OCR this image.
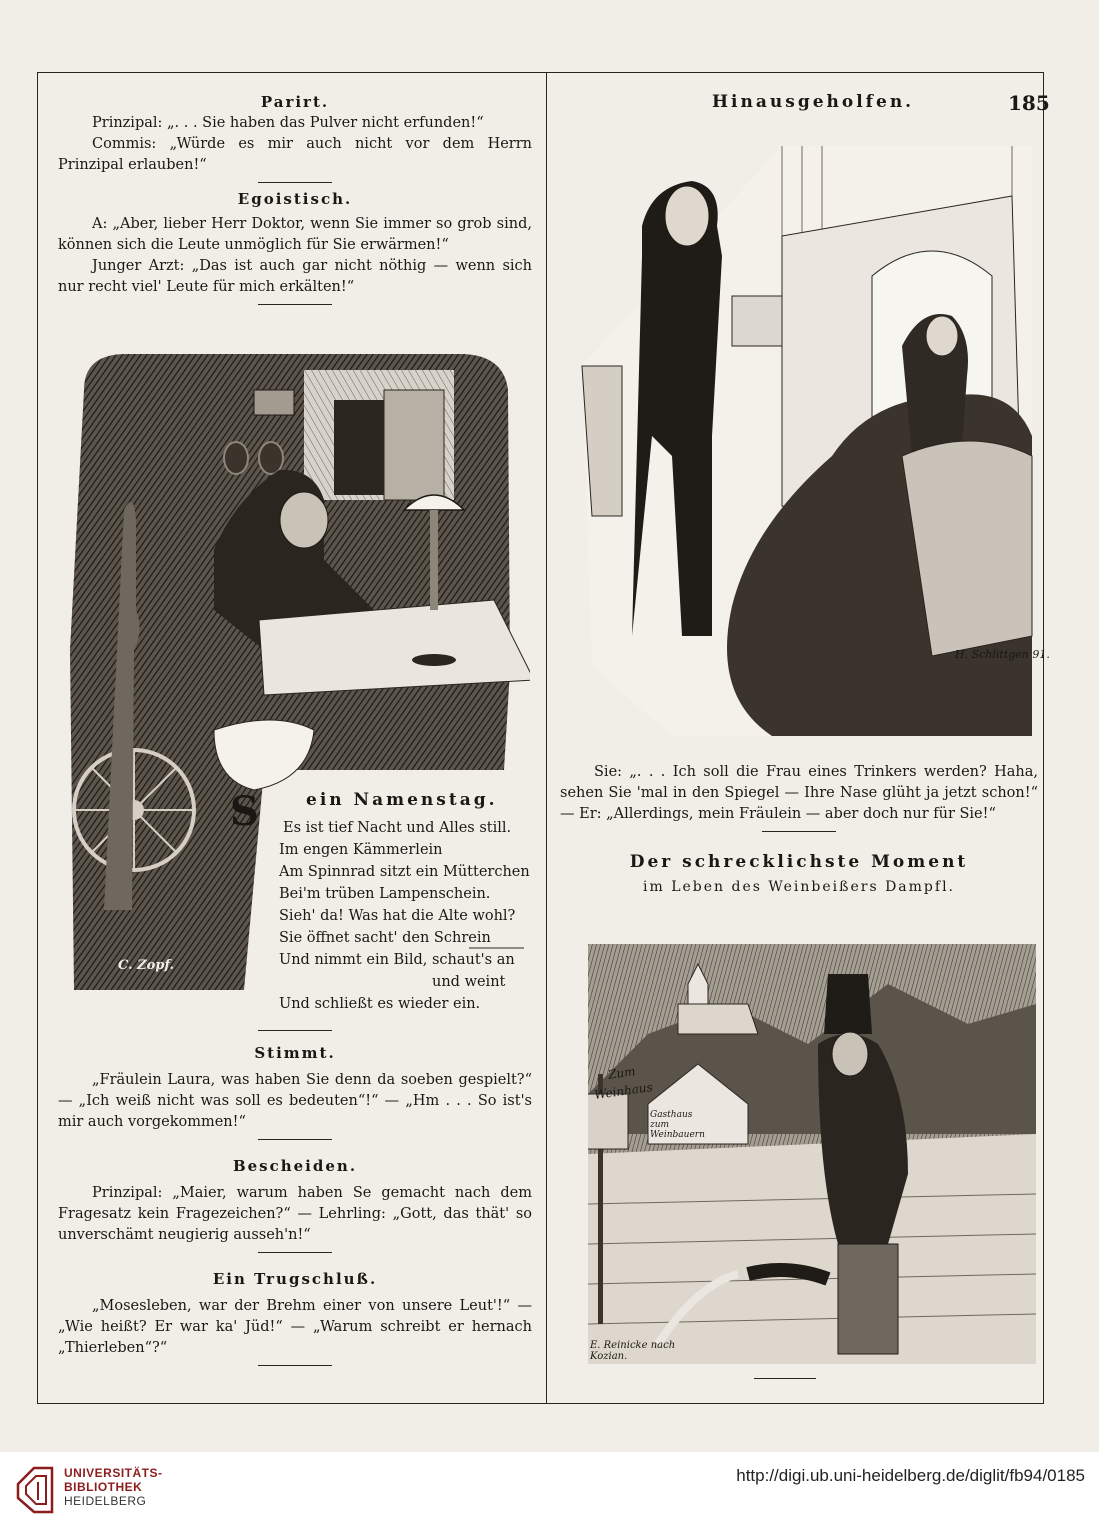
Hinausgeholfen.	185
Parirt.

Prinzipal: „. . . Sie haben das Pulver nicht erfunden!“

Commis: „Würde es mir auch nicht vor dem Herrn Prinzipal erlauben!“

Egoistisch.

A: „Aber, lieber Herr Doktor, wenn Sie immer so grob sind, können sich die Leute unmöglich für Sie erwärmen!“

Junger Arzt: „Das ist auch gar nicht nöthig — wenn sich nur recht viel' Leute für mich erkälten!“

S	ein Namenstag.
Es ist tief Nacht und Alles still.
Im engen Kämmerlein
Am Spinnrad sitzt ein Mütterchen
Bei'm trüben Lampenschein.
Sieh' da! Was hat die Alte wohl?
Sie öffnet sacht' den Schrein
Und nimmt ein Bild, schaut's an
und weint
Und schließt es wieder ein.
C. Zopf.
Stimmt.

„Fräulein Laura, was haben Sie denn da soeben gespielt?“ — „Ich weiß nicht was soll es bedeuten“!“ — „Hm . . . So ist's mir auch vorgekommen!“

Bescheiden.

Prinzipal: „Maier, warum haben Se gemacht nach dem Fragesatz kein Fragezeichen?“ — Lehrling: „Gott, das thät' so unverschämt neugierig ausseh'n!“

Ein Trugschluß.

„Mosesleben, war der Brehm einer von unsere Leut'!“ — „Wie heißt? Er war ka' Jüd!“ — „Warum schreibt er hernach „Thierleben“?“

H. Schlittgen 91.

Sie: „. . . Ich soll die Frau eines Trinkers werden? Haha, sehen Sie 'mal in den Spiegel — Ihre Nase glüht ja jetzt schon!“ — Er: „Allerdings, mein Fräulein — aber doch nur für Sie!“

Der schrecklichste Moment
im Leben des Weinbeißers Dampfl.
Zum
Weinhaus
Gasthaus zum Weinbauern
E. Reinicke nach Kozian.
UNIVERSITÄTS-
BIBLIOTHEK
HEIDELBERG
http://digi.ub.uni-heidelberg.de/diglit/fb94/0185
